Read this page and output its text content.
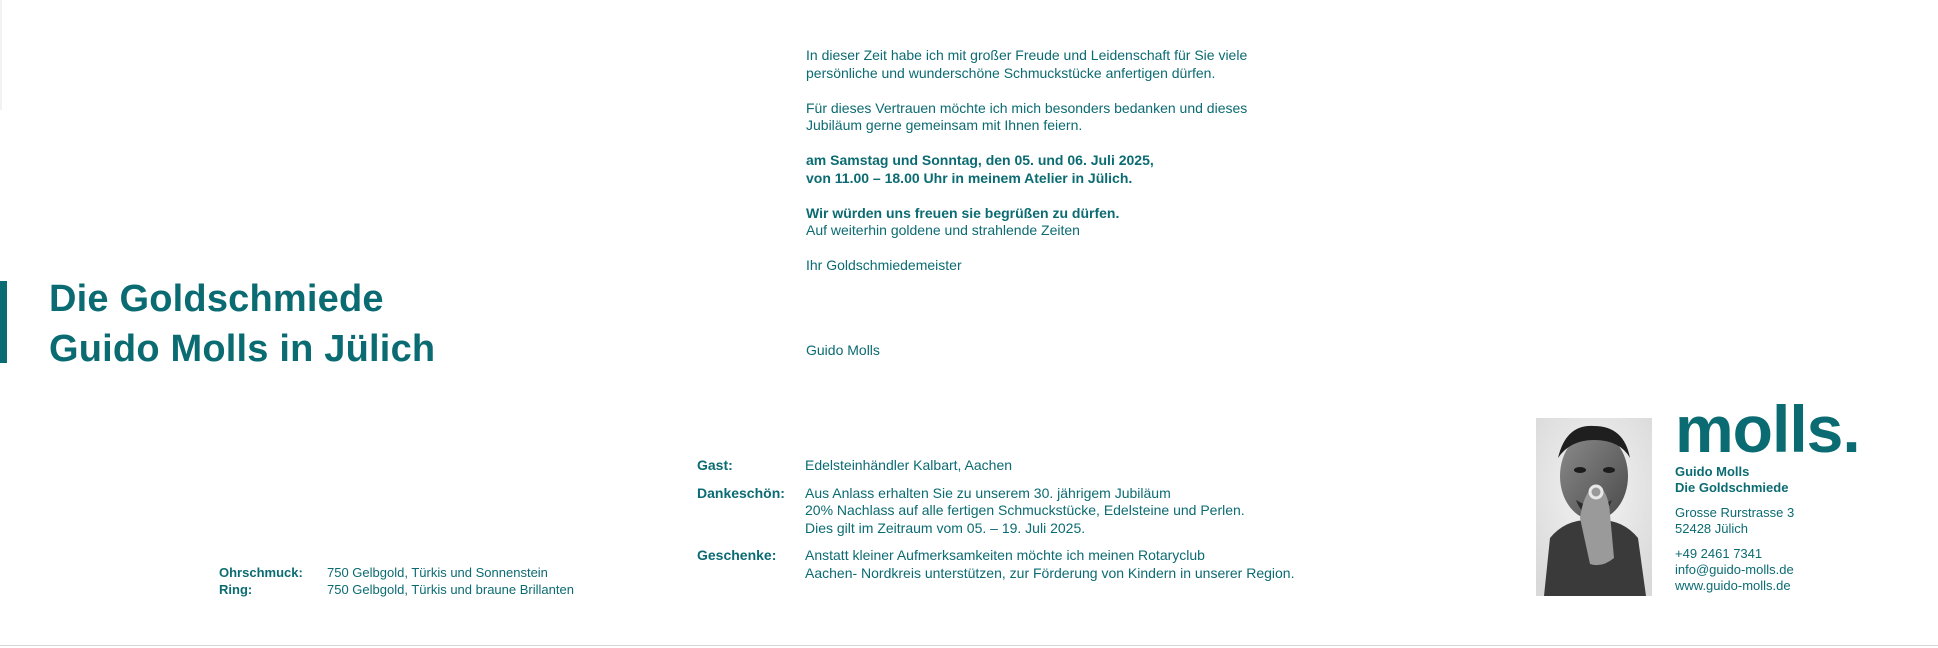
Die Goldschmiede
Guido Molls in Jülich

In dieser Zeit habe ich mit großer Freude und Leidenschaft für Sie viele
persönliche und wunderschöne Schmuckstücke anfertigen dürfen.

Für dieses Vertrauen möchte ich mich besonders bedanken und dieses
Jubiläum gerne gemeinsam mit Ihnen feiern.

am Samstag und Sonntag, den 05. und 06. Juli 2025,
von 11.00 – 18.00 Uhr in meinem Atelier in Jülich.

Wir würden uns freuen sie begrüßen zu dürfen.
Auf weiterhin goldene und strahlende Zeiten

Ihr Goldschmiedemeister

Guido Molls
Gast:	Edelsteinhändler Kalbart, Aachen
Dankeschön:	Aus Anlass erhalten Sie zu unserem 30. jährigem Jubiläum
20% Nachlass auf alle fertigen Schmuckstücke, Edelsteine und Perlen.
Dies gilt im Zeitraum vom 05. – 19. Juli 2025.
Geschenke:	Anstatt kleiner Aufmerksamkeiten möchte ich meinen Rotaryclub
Aachen- Nordkreis unterstützen, zur Förderung von Kindern in unserer Region.
Ohrschmuck:	750 Gelbgold, Türkis und Sonnenstein
Ring:	750 Gelbgold, Türkis und braune Brillanten
molls.
Guido Molls
Die Goldschmiede
Grosse Rurstrasse 3
52428 Jülich
+49 2461 7341
info@guido-molls.de
www.guido-molls.de
